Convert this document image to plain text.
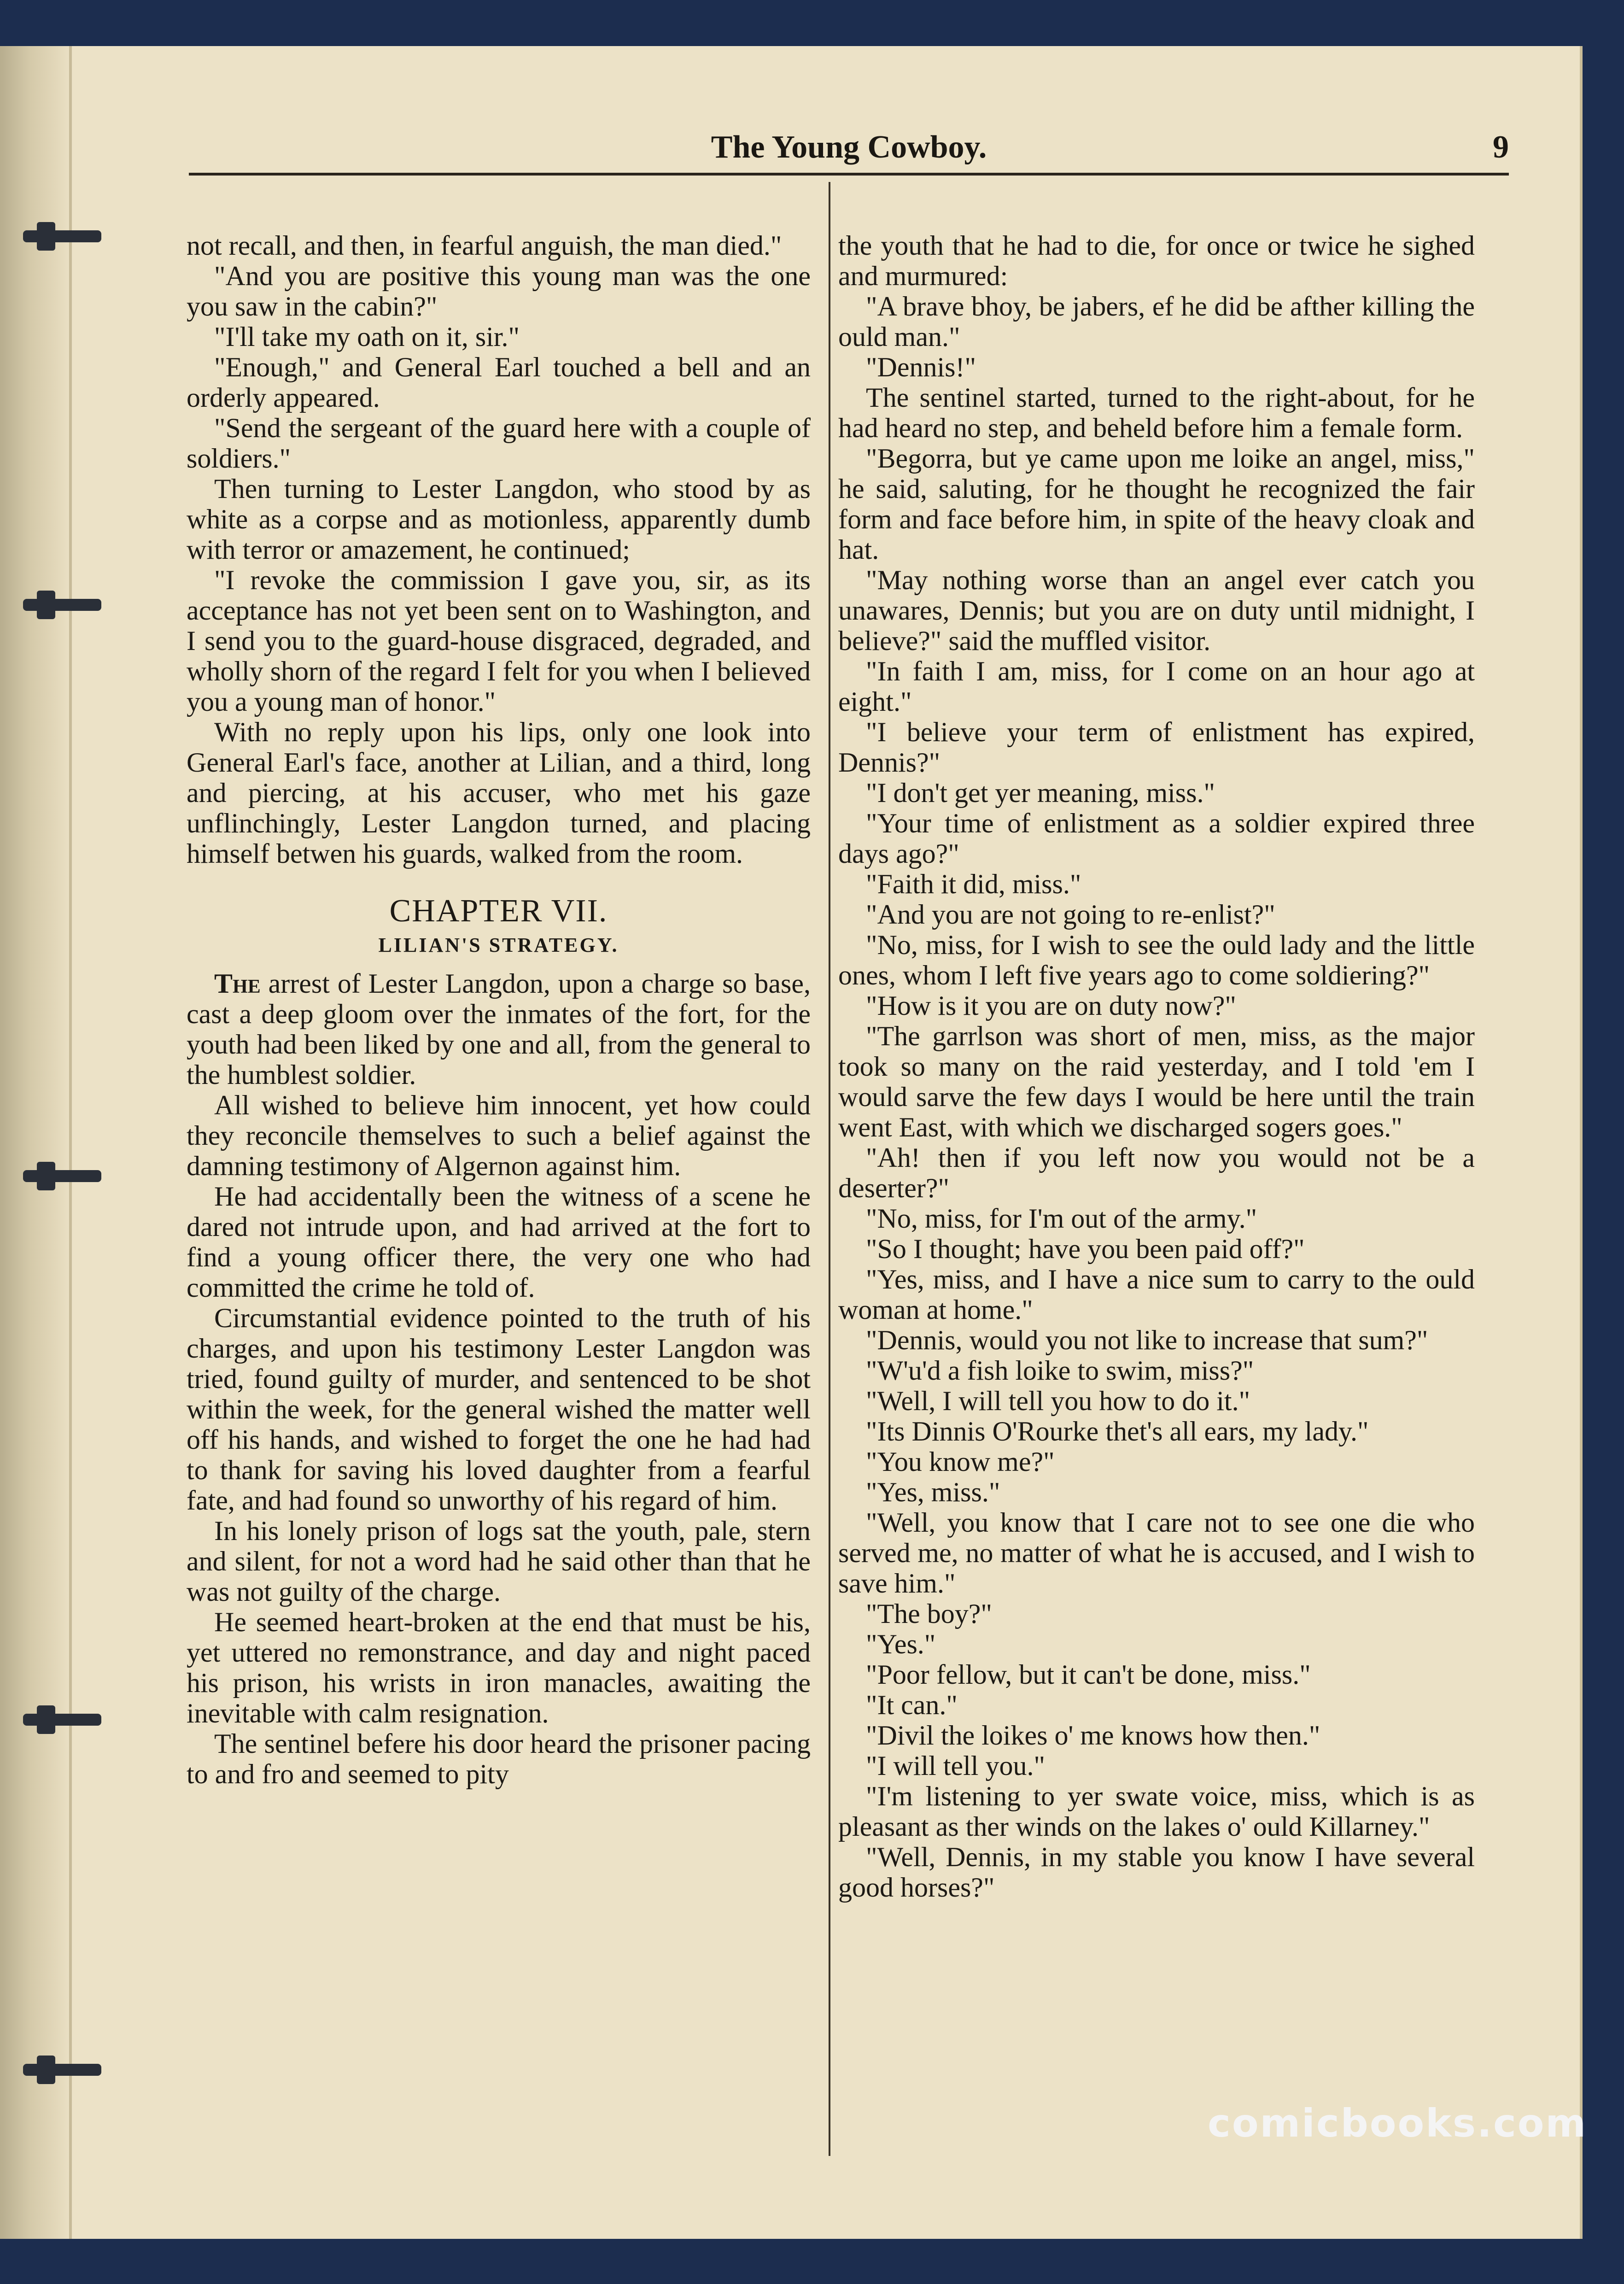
The Young Cowboy.	9

not recall, and then, in fearful anguish, the man died."

"And you are positive this young man was the one you saw in the cabin?"

"I'll take my oath on it, sir."

"Enough," and General Earl touched a bell and an orderly appeared.

"Send the sergeant of the guard here with a couple of soldiers."

Then turning to Lester Langdon, who stood by as white as a corpse and as motionless, apparently dumb with terror or amazement, he continued;

"I revoke the commission I gave you, sir, as its acceptance has not yet been sent on to Washington, and I send you to the guard-house disgraced, degraded, and wholly shorn of the regard I felt for you when I believed you a young man of honor."

With no reply upon his lips, only one look into General Earl's face, another at Lilian, and a third, long and piercing, at his accuser, who met his gaze unflinchingly, Lester Langdon turned, and placing himself betwen his guards, walked from the room.

CHAPTER VII.
LILIAN'S STRATEGY.

The arrest of Lester Langdon, upon a charge so base, cast a deep gloom over the inmates of the fort, for the youth had been liked by one and all, from the general to the humblest soldier.

All wished to believe him innocent, yet how could they reconcile themselves to such a belief against the damning testimony of Algernon against him.

He had accidentally been the witness of a scene he dared not intrude upon, and had arrived at the fort to find a young officer there, the very one who had committed the crime he told of.

Circumstantial evidence pointed to the truth of his charges, and upon his testimony Lester Langdon was tried, found guilty of murder, and sentenced to be shot within the week, for the general wished the matter well off his hands, and wished to forget the one he had had to thank for saving his loved daughter from a fearful fate, and had found so unworthy of his regard of him.

In his lonely prison of logs sat the youth, pale, stern and silent, for not a word had he said other than that he was not guilty of the charge.

He seemed heart-broken at the end that must be his, yet uttered no remonstrance, and day and night paced his prison, his wrists in iron manacles, awaiting the inevitable with calm resignation.

The sentinel befere his door heard the prisoner pacing to and fro and seemed to pity

the youth that he had to die, for once or twice he sighed and murmured:

"A brave bhoy, be jabers, ef he did be afther killing the ould man."

"Dennis!"

The sentinel started, turned to the right-about, for he had heard no step, and beheld before him a female form.

"Begorra, but ye came upon me loike an angel, miss," he said, saluting, for he thought he recognized the fair form and face before him, in spite of the heavy cloak and hat.

"May nothing worse than an angel ever catch you unawares, Dennis; but you are on duty until midnight, I believe?" said the muffled visitor.

"In faith I am, miss, for I come on an hour ago at eight."

"I believe your term of enlistment has expired, Dennis?"

"I don't get yer meaning, miss."

"Your time of enlistment as a soldier expired three days ago?"

"Faith it did, miss."

"And you are not going to re-enlist?"

"No, miss, for I wish to see the ould lady and the little ones, whom I left five years ago to come soldiering?"

"How is it you are on duty now?"

"The garrlson was short of men, miss, as the major took so many on the raid yesterday, and I told 'em I would sarve the few days I would be here until the train went East, with which we discharged sogers goes."

"Ah! then if you left now you would not be a deserter?"

"No, miss, for I'm out of the army."

"So I thought; have you been paid off?"

"Yes, miss, and I have a nice sum to carry to the ould woman at home."

"Dennis, would you not like to increase that sum?"

"W'u'd a fish loike to swim, miss?"

"Well, I will tell you how to do it."

"Its Dinnis O'Rourke thet's all ears, my lady."

"You know me?"

"Yes, miss."

"Well, you know that I care not to see one die who served me, no matter of what he is accused, and I wish to save him."

"The boy?"

"Yes."

"Poor fellow, but it can't be done, miss."

"It can."

"Divil the loikes o' me knows how then."

"I will tell you."

"I'm listening to yer swate voice, miss, which is as pleasant as ther winds on the lakes o' ould Killarney."

"Well, Dennis, in my stable you know I have several good horses?"

comicbooks.com
